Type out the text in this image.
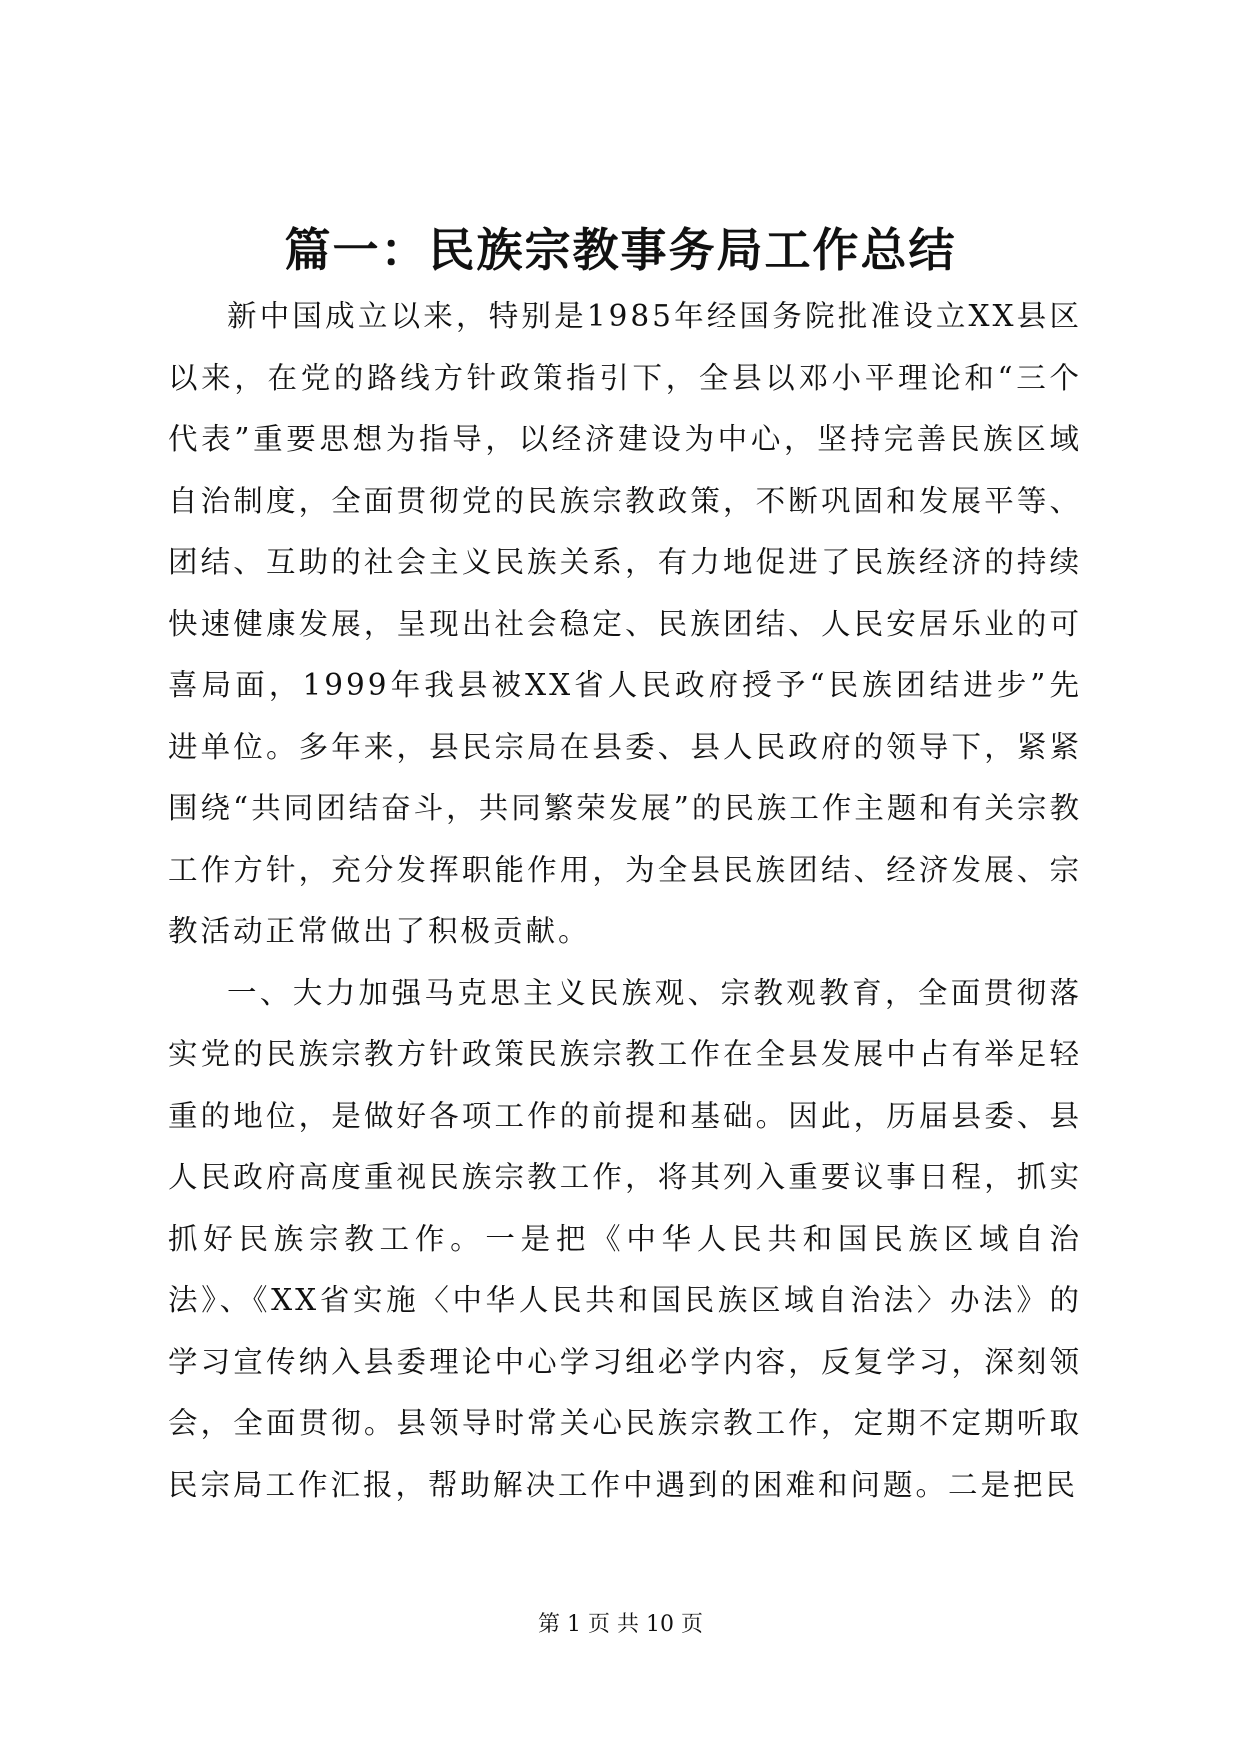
篇一：民族宗教事务局工作总结

新中国成立以来，特别是1985年经国务院批准设立XX县区以来，在党的路线方针政策指引下，全县以邓小平理论和“三个代表”重要思想为指导，以经济建设为中心，坚持完善民族区域自治制度，全面贯彻党的民族宗教政策，不断巩固和发展平等、团结、互助的社会主义民族关系，有力地促进了民族经济的持续快速健康发展，呈现出社会稳定、民族团结、人民安居乐业的可喜局面，1999年我县被XX省人民政府授予“民族团结进步”先进单位。多年来，县民宗局在县委、县人民政府的领导下，紧紧围绕“共同团结奋斗，共同繁荣发展”的民族工作主题和有关宗教工作方针，充分发挥职能作用，为全县民族团结、经济发展、宗教活动正常做出了积极贡献。

一、大力加强马克思主义民族观、宗教观教育，全面贯彻落实党的民族宗教方针政策民族宗教工作在全县发展中占有举足轻重的地位，是做好各项工作的前提和基础。因此，历届县委、县人民政府高度重视民族宗教工作，将其列入重要议事日程，抓实抓好民族宗教工作。一是把《中华人民共和国民族区域自治法》、《XX省实施〈中华人民共和国民族区域自治法〉办法》的学习宣传纳入县委理论中心学习组必学内容，反复学习，深刻领会，全面贯彻。县领导时常关心民族宗教工作，定期不定期听取民宗局工作汇报，帮助解决工作中遇到的困难和问题。二是把民

第 1 页 共 10 页
